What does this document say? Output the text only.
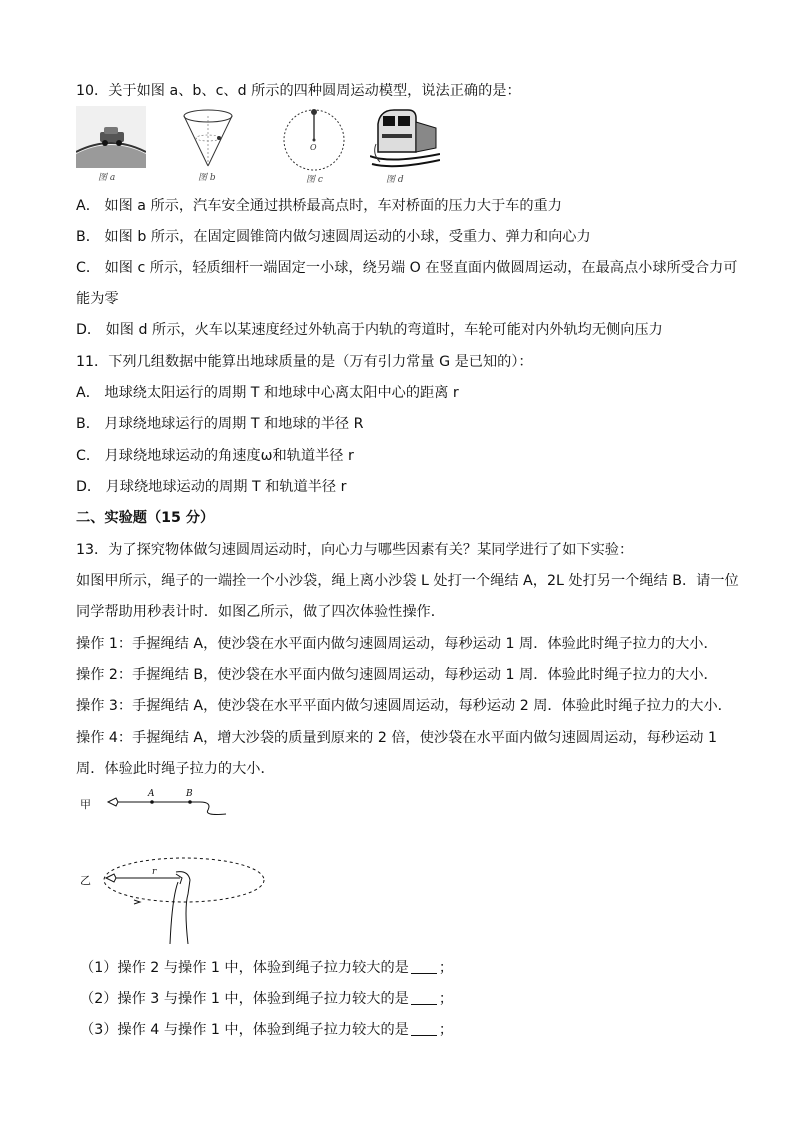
10．关于如图 a、b、c、d 所示的四种圆周运动模型，说法正确的是：
图 a	图 b
O
图 c	图 d
A． 如图 a 所示，汽车安全通过拱桥最高点时，车对桥面的压力大于车的重力
B． 如图 b 所示，在固定圆锥筒内做匀速圆周运动的小球，受重力、弹力和向心力
C． 如图 c 所示，轻质细杆一端固定一小球，绕另端 O 在竖直面内做圆周运动，在最高点小球所受合力可
能为零
D． 如图 d 所示，火车以某速度经过外轨高于内轨的弯道时，车轮可能对内外轨均无侧向压力
11．下列几组数据中能算出地球质量的是（万有引力常量 G 是已知的）：
A． 地球绕太阳运行的周期 T 和地球中心离太阳中心的距离 r
B． 月球绕地球运行的周期 T 和地球的半径 R
C． 月球绕地球运动的角速度ω和轨道半径 r
D． 月球绕地球运动的周期 T 和轨道半径 r
二、实验题（15 分）
13．为了探究物体做匀速圆周运动时，向心力与哪些因素有关？某同学进行了如下实验：
如图甲所示，绳子的一端拴一个小沙袋，绳上离小沙袋 L 处打一个绳结 A，2L 处打另一个绳结 B．请一位
同学帮助用秒表计时．如图乙所示，做了四次体验性操作．
操作 1：手握绳结 A，使沙袋在水平面内做匀速圆周运动，每秒运动 1 周．体验此时绳子拉力的大小．
操作 2：手握绳结 B，使沙袋在水平面内做匀速圆周运动，每秒运动 1 周．体验此时绳子拉力的大小．
操作 3：手握绳结 A，使沙袋在水平平面内做匀速圆周运动，每秒运动 2 周．体验此时绳子拉力的大小．
操作 4：手握绳结 A，增大沙袋的质量到原来的 2 倍，使沙袋在水平面内做匀速圆周运动，每秒运动 1
周．体验此时绳子拉力的大小．
甲
A	B
乙
r
（1）操作 2 与操作 1 中，体验到绳子拉力较大的是 ；
（2）操作 3 与操作 1 中，体验到绳子拉力较大的是 ；
（3）操作 4 与操作 1 中，体验到绳子拉力较大的是 ；
